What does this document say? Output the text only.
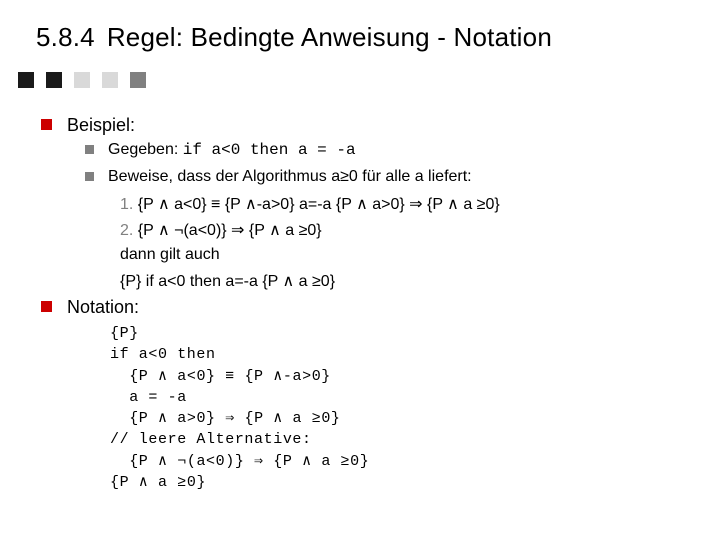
5.8.4 Regel: Bedingte Anweisung - Notation
Beispiel:
Gegeben: if a<0 then a = -a
Beweise, dass der Algorithmus a≥0 für alle a liefert:
1. {P ∧ a<0} ≡ {P ∧-a>0} a=-a {P ∧ a>0} ⇒ {P ∧ a ≥0}
2. {P ∧ ¬(a<0)} ⇒ {P ∧ a ≥0}
dann gilt auch
{P} if a<0 then a=-a {P ∧ a ≥0}
Notation:
{P}
if a<0 then
{P ∧ a<0} ≡ {P ∧-a>0}
a = -a
{P ∧ a>0} ⇒ {P ∧ a ≥0}
// leere Alternative:
{P ∧ ¬(a<0)} ⇒ {P ∧ a ≥0}
{P ∧ a ≥0}
